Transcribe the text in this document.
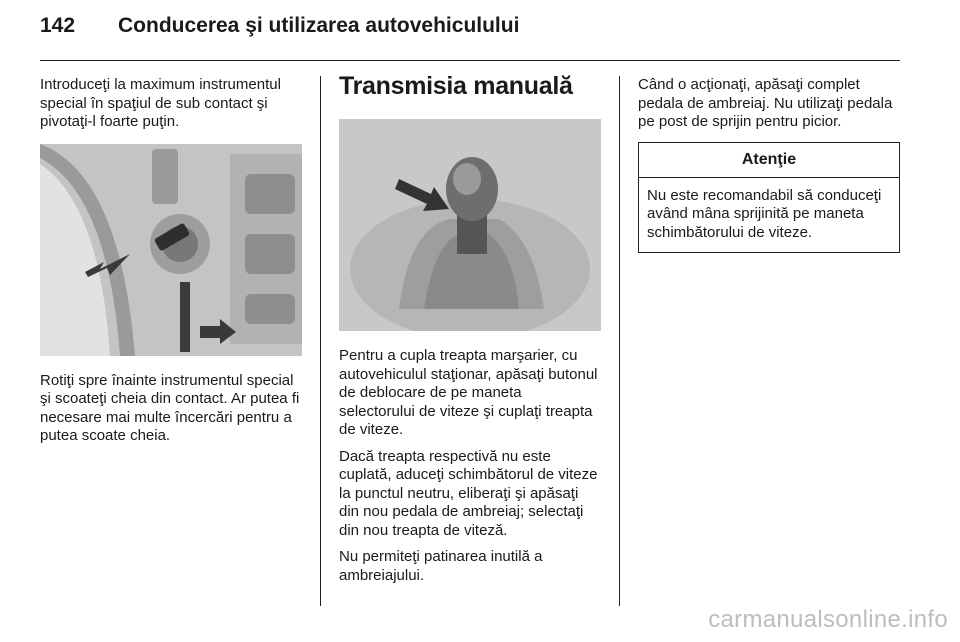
142	Conducerea şi utilizarea autovehiculului

Introduceţi la maximum instrumentul special în spaţiul de sub contact şi pivotaţi-l foarte puţin.

Rotiţi spre înainte instrumentul special şi scoateţi cheia din contact. Ar putea fi necesare mai multe încercări pentru a putea scoate cheia.

Transmisia manuală

Pentru a cupla treapta marşarier, cu autovehiculul staţionar, apăsaţi butonul de deblocare de pe maneta selectorului de viteze şi cuplaţi treapta de viteze.

Dacă treapta respectivă nu este cuplată, aduceţi schimbătorul de viteze la punctul neutru, eliberaţi şi apăsaţi din nou pedala de ambreiaj; selectaţi din nou treapta de viteză.

Nu permiteţi patinarea inutilă a ambreiajului.

Când o acţionaţi, apăsaţi complet pedala de ambreiaj. Nu utilizaţi pedala pe post de sprijin pentru picior.

Atenţie
Nu este recomandabil să conduceţi având mâna sprijinită pe maneta schimbătorului de viteze.
carmanualsonline.info
